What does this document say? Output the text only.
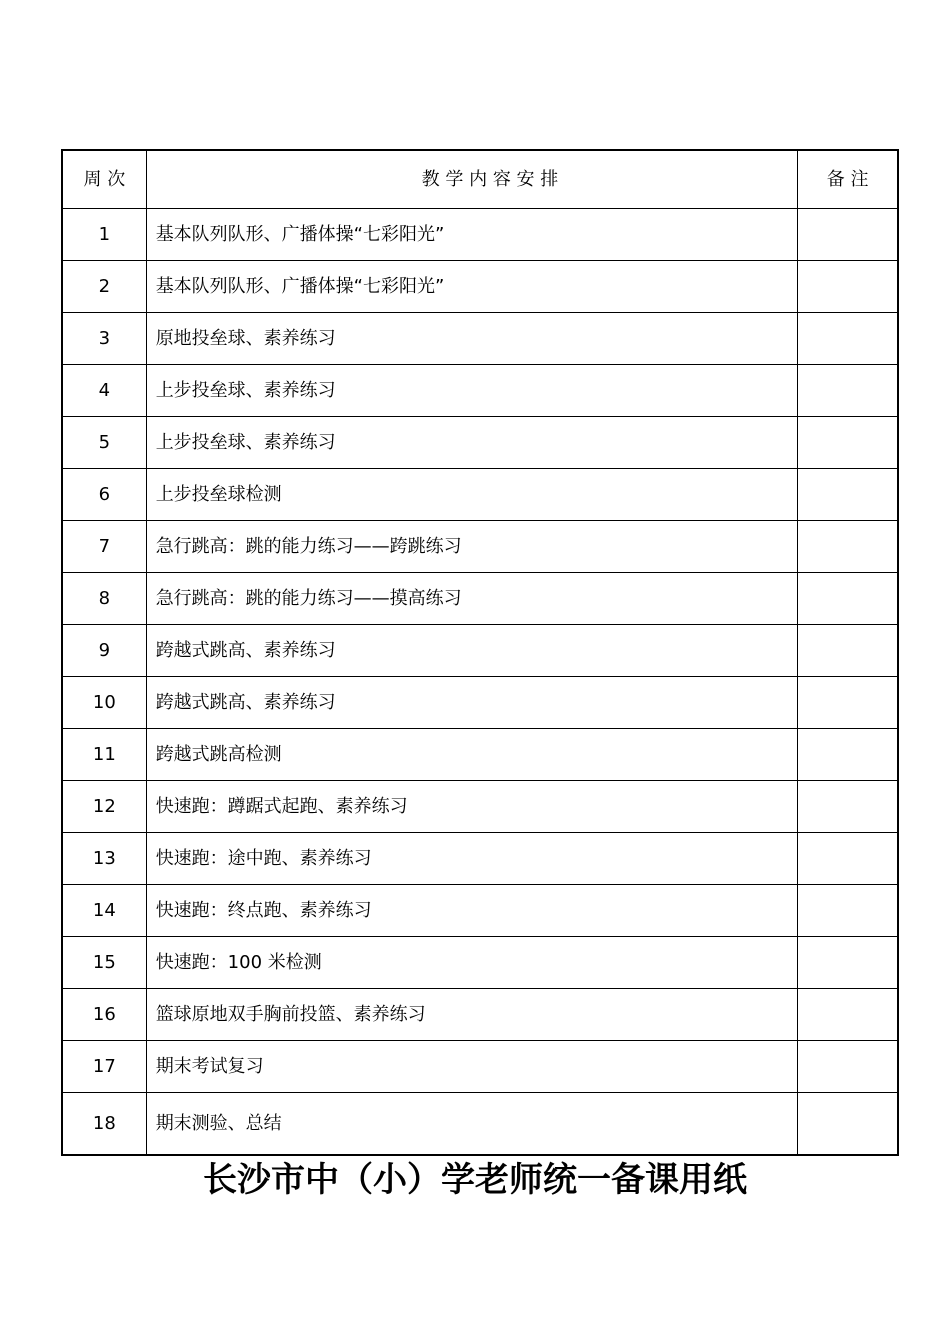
周 次	教 学 内 容 安 排	备 注
1	基本队列队形、广播体操“七彩阳光”	
2	基本队列队形、广播体操“七彩阳光”	
3	原地投垒球、素养练习	
4	上步投垒球、素养练习	
5	上步投垒球、素养练习	
6	上步投垒球检测	
7	急行跳高：跳的能力练习——跨跳练习	
8	急行跳高：跳的能力练习——摸高练习	
9	跨越式跳高、素养练习	
10	跨越式跳高、素养练习	
11	跨越式跳高检测	
12	快速跑：蹲踞式起跑、素养练习	
13	快速跑：途中跑、素养练习	
14	快速跑：终点跑、素养练习	
15	快速跑：100 米检测	
16	篮球原地双手胸前投篮、素养练习	
17	期末考试复习	
18	期末测验、总结	
长沙市中（小）学老师统一备课用纸
